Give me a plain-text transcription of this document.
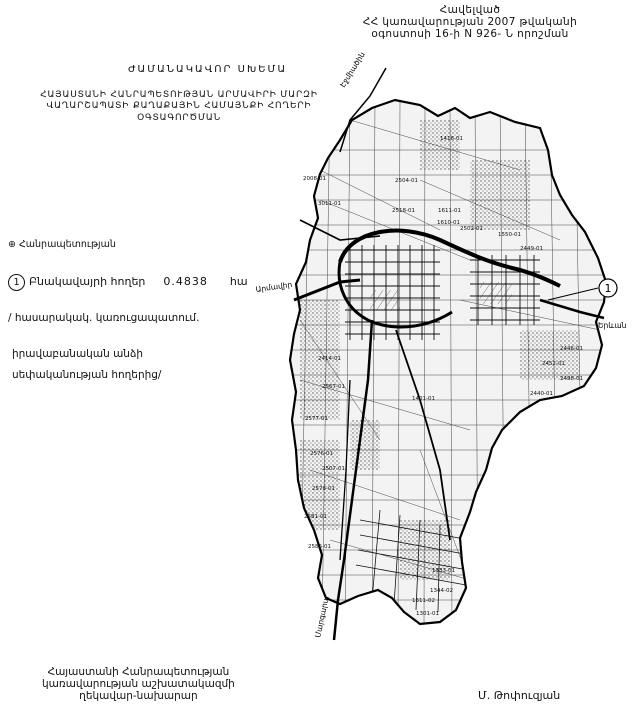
Հավելված
ՀՀ կառավարության 2007 թվականի
օգոստոսի 16-ի N 926- Ն որոշման
ԺԱՄԱՆԱԿԱՎՈՐ ՍԽԵՄԱ
ՀԱՅԱՍՏԱՆԻ ՀԱՆՐԱՊԵՏՈՒԹՅԱՆ ԱՐՄԱՎԻՐԻ ՄԱՐԶԻ
ՎԱՂԱՐՇԱՊԱՏԻ ՔԱՂԱՔԱՅԻՆ ՀԱՄԱՅՆՔԻ ՀՈՂԵՐԻ
ՕԳՏԱԳՈՐԾՄԱՆ
⊕ Հանրապետության
1 Բնակավայրի հողեր 0.4838 հա
/ հասարակակ. կառուցապատում.
իրավաբանական անձի
սեփականության հողերից/
1
Արմավիր
Երևան
Էջմիածին
Մարգարա
2008-01
3011-01
2504-01
2518-01	1611-01
1610-01
2502-01
1550-01
1416-01
2567-01
2414-01
2577-01
2576-01
2507-01
2578-01
2581-01
2586-01
1333-01
1344-02
1311-02
1301-01
2446-01
2452-01
2498-01
1401-01
2449-01
2440-01
Հայաստանի Հանրապետության
կառավարության աշխատակազմի
ղեկավար-նախարար	Մ. Թոփուզյան
